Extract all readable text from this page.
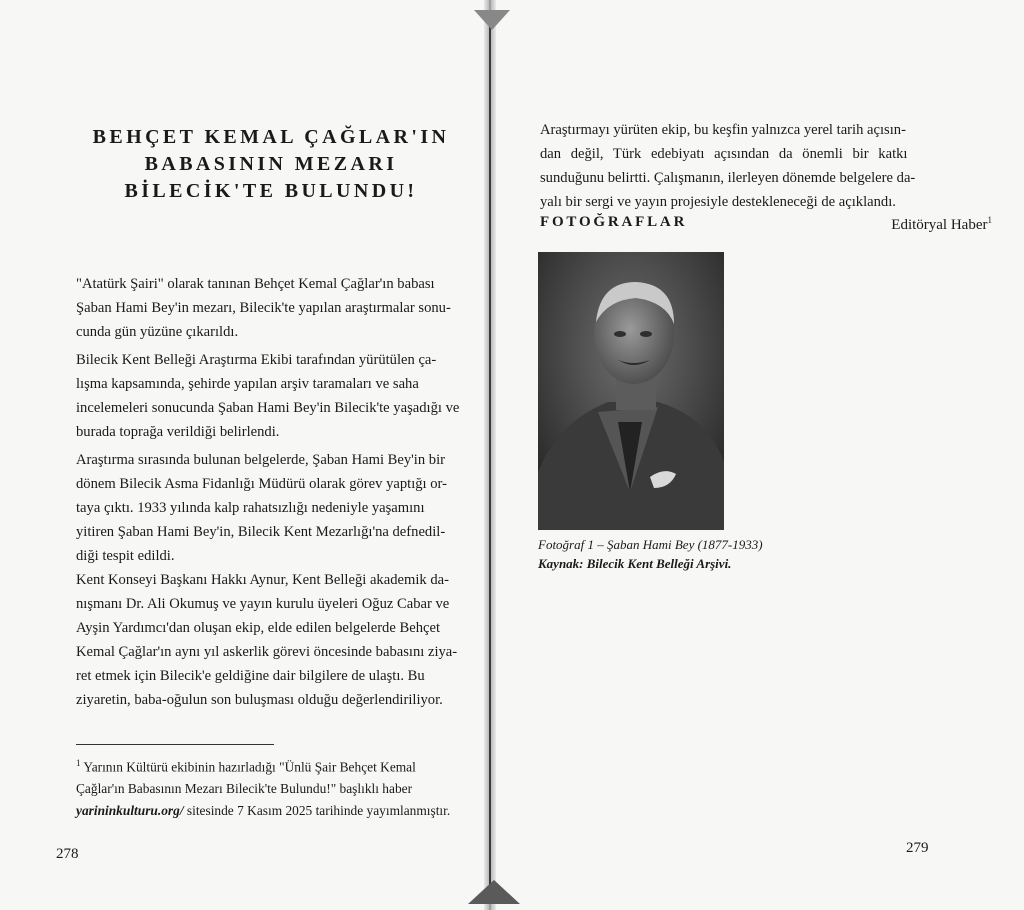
BEHÇET KEMAL ÇAĞLAR'IN
BABASININ MEZARI
BİLECİK'TE BULUNDU!
Editöryal Haber$^1$
"Atatürk Şairi" olarak tanınan Behçet Kemal Çağlar'ın babası
Şaban Hami Bey'in mezarı, Bilecik'te yapılan araştırmalar sonu-
cunda gün yüzüne çıkarıldı.
Bilecik Kent Belleği Araştırma Ekibi tarafından yürütülen ça-
lışma kapsamında, şehirde yapılan arşiv taramaları ve saha
incelemeleri sonucunda Şaban Hami Bey'in Bilecik'te yaşadığı ve
burada toprağa verildiği belirlendi.
Araştırma sırasında bulunan belgelerde, Şaban Hami Bey'in bir
dönem Bilecik Asma Fidanlığı Müdürü olarak görev yaptığı or-
taya çıktı. 1933 yılında kalp rahatsızlığı nedeniyle yaşamını
yitiren Şaban Hami Bey'in, Bilecik Kent Mezarlığı'na defnedil-
diği tespit edildi.
Kent Konseyi Başkanı Hakkı Aynur, Kent Belleği akademik da-
nışmanı Dr. Ali Okumuş ve yayın kurulu üyeleri Oğuz Cabar ve
Ayşin Yardımcı'dan oluşan ekip, elde edilen belgelerde Behçet
Kemal Çağlar'ın aynı yıl askerlik görevi öncesinde babasını ziya-
ret etmek için Bilecik'e geldiğine dair bilgilere de ulaştı. Bu
ziyaretin, baba-oğulun son buluşması olduğu değerlendiriliyor.
$^1$ Yarının Kültürü ekibinin hazırladığı "Ünlü Şair Behçet Kemal
Çağlar'ın Babasının Mezarı Bilecik'te Bulundu!" başlıklı haber
yarininkulturu.org/ sitesinde 7 Kasım 2025 tarihinde yayımlanmıştır.
278
Araştırmayı yürüten ekip, bu keşfin yalnızca yerel tarih açısın-
dan değil, Türk edebiyatı açısından da önemli bir katkı
sunduğunu belirtti. Çalışmanın, ilerleyen dönemde belgelere da-
yalı bir sergi ve yayın projesiyle destekleneceği de açıklandı.
FOTOĞRAFLAR
Fotoğraf 1 – Şaban Hami Bey (1877-1933)
Kaynak: Bilecik Kent Belleği Arşivi.
279
